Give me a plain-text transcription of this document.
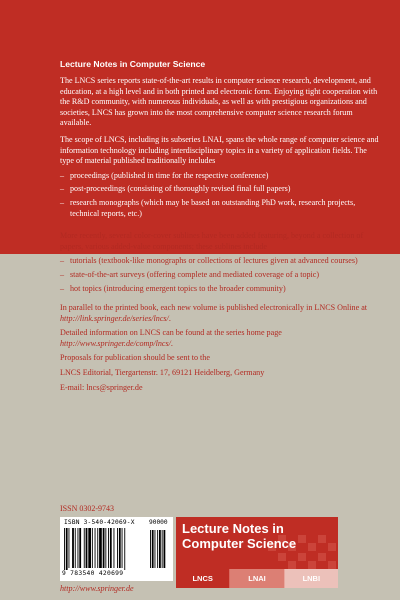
Lecture Notes in Computer Science

The LNCS series reports state-of-the-art results in computer science research, development, and education, at a high level and in both printed and electronic form. Enjoying tight cooperation with the R&D community, with numerous individuals, as well as with prestigious organizations and societies, LNCS has grown into the most comprehensive computer science research forum available.

The scope of LNCS, including its subseries LNAI, spans the whole range of computer science and information technology including interdisciplinary topics in a variety of application fields. The type of material published traditionally includes

– proceedings (published in time for the respective conference)
– post-proceedings (consisting of thoroughly revised final full papers)
– research monographs (which may be based on outstanding PhD work, research projects, technical reports, etc.)

More recently, several color-cover sublines have been added featuring, beyond a collection of papers, various added-value components; these sublines include

– tutorials (textbook-like monographs or collections of lectures given at advanced courses)
– state-of-the-art surveys (offering complete and mediated coverage of a topic)
– hot topics (introducing emergent topics to the broader community)

In parallel to the printed book, each new volume is published electronically in LNCS Online at http://link.springer.de/series/lncs/.

Detailed information on LNCS can be found at the series home page http://www.springer.de/comp/lncs/.

Proposals for publication should be sent to the

LNCS Editorial, Tiergartenstr. 17, 69121 Heidelberg, Germany

E-mail: lncs@springer.de

ISSN 0302-9743
ISBN 3-540-42069-X 90000
9 783540 420699
http://www.springer.de
Lecture Notes in Computer Science
LNCS	LNAI	LNBI
